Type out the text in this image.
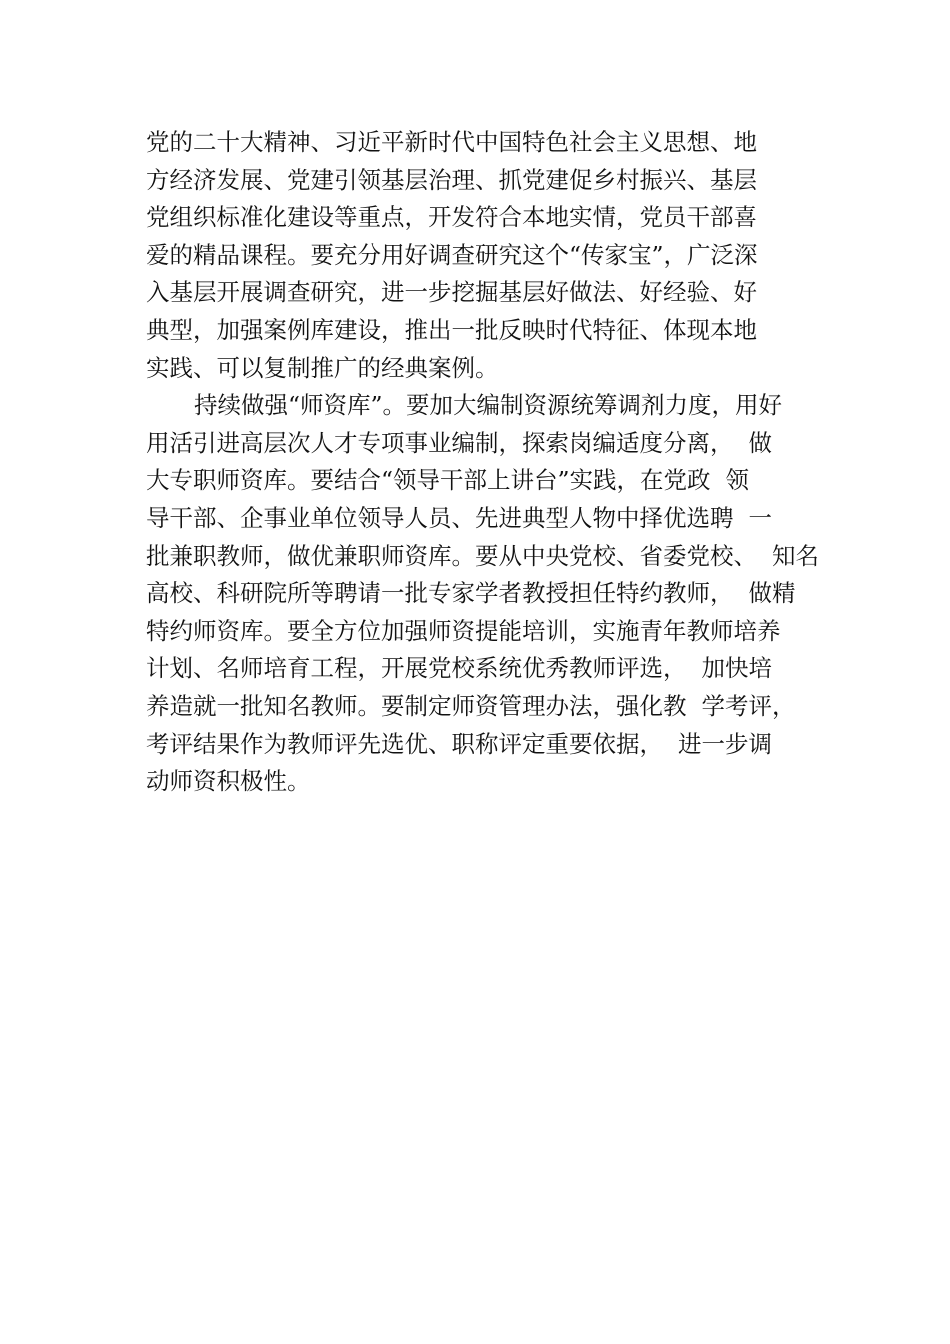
党的二十大精神、习近平新时代中国特色社会主义思想、地
方经济发展、党建引领基层治理、抓党建促乡村振兴、基层
党组织标准化建设等重点，开发符合本地实情，党员干部喜
爱的精品课程。要充分用好调查研究这个“传家宝”，广泛深
入基层开展调查研究，进一步挖掘基层好做法、好经验、好
典型，加强案例库建设，推出一批反映时代特征、体现本地
实践、可以复制推广的经典案例。
持续做强“师资库”。要加大编制资源统筹调剂力度，用好
用活引进高层次人才专项事业编制，探索岗编适度分离，  做
大专职师资库。要结合“领导干部上讲台”实践，在党政  领
导干部、企事业单位领导人员、先进典型人物中择优选聘  一
批兼职教师，做优兼职师资库。要从中央党校、省委党校、  知名
高校、科研院所等聘请一批专家学者教授担任特约教师，  做精
特约师资库。要全方位加强师资提能培训，实施青年教师培养
计划、名师培育工程，开展党校系统优秀教师评选，  加快培
养造就一批知名教师。要制定师资管理办法，强化教  学考评，
考评结果作为教师评先选优、职称评定重要依据，  进一步调
动师资积极性。
